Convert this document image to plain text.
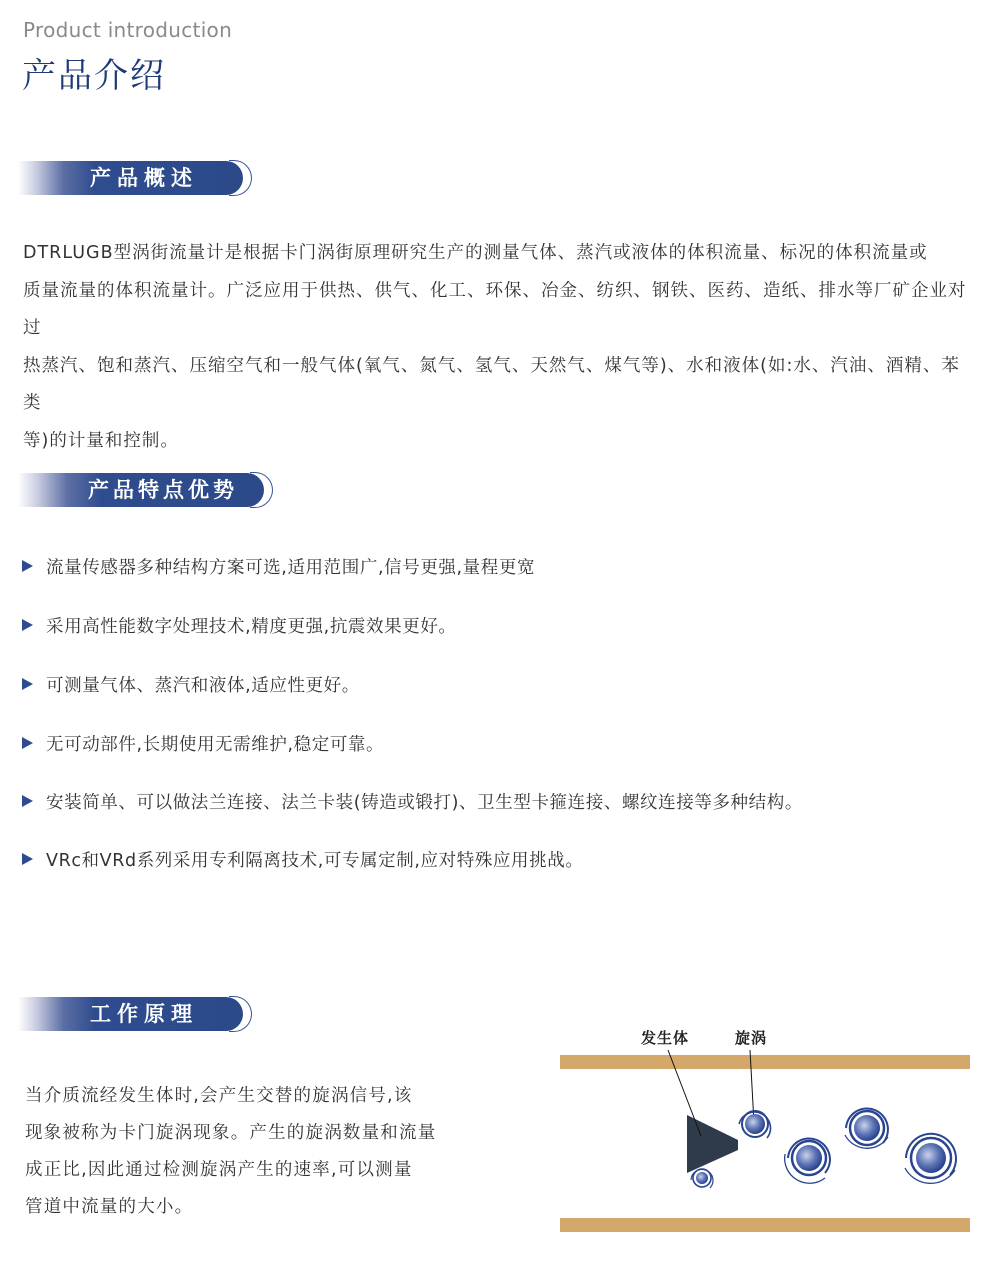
Product introduction
产品介绍
产品概述
DTRLUGB型涡街流量计是根据卡门涡街原理研究生产的测量气体、蒸汽或液体的体积流量、标况的体积流量或
质量流量的体积流量计。广泛应用于供热、供气、化工、环保、冶金、纺织、钢铁、医药、造纸、排水等厂矿企业对过
热蒸汽、饱和蒸汽、压缩空气和一般气体(氧气、氮气、氢气、天然气、煤气等)、水和液体(如:水、汽油、酒精、苯类
等)的计量和控制。
产品特点优势
流量传感器多种结构方案可选,适用范围广,信号更强,量程更宽
采用高性能数字处理技术,精度更强,抗震效果更好。
可测量气体、蒸汽和液体,适应性更好。
无可动部件,长期使用无需维护,稳定可靠。
安装简单、可以做法兰连接、法兰卡装(铸造或锻打)、卫生型卡箍连接、螺纹连接等多种结构。
VRc和VRd系列采用专利隔离技术,可专属定制,应对特殊应用挑战。
工作原理
当介质流经发生体时,会产生交替的旋涡信号,该
现象被称为卡门旋涡现象。产生的旋涡数量和流量
成正比,因此通过检测旋涡产生的速率,可以测量
管道中流量的大小。
发生体	旋涡
